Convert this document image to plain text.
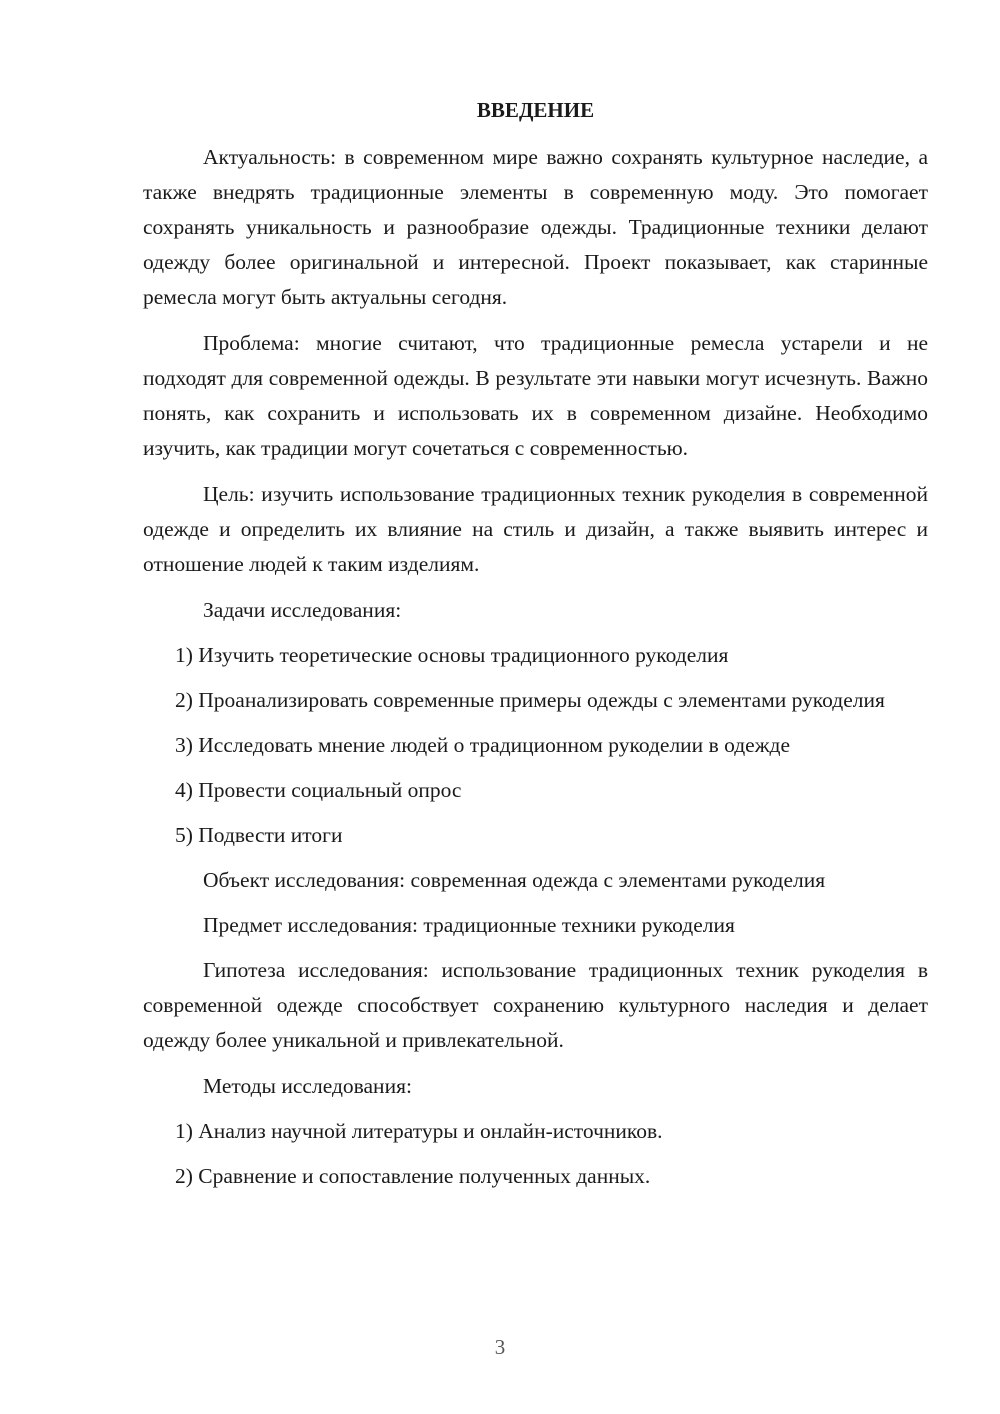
ВВЕДЕНИЕ

Актуальность: в современном мире важно сохранять культурное наследие, а также внедрять традиционные элементы в современную моду. Это помогает сохранять уникальность и разнообразие одежды. Традиционные техники делают одежду более оригинальной и интересной. Проект показывает, как старинные ремесла могут быть актуальны сегодня.

Проблема: многие считают, что традиционные ремесла устарели и не подходят для современной одежды. В результате эти навыки могут исчезнуть. Важно понять, как сохранить и использовать их в современном дизайне. Необходимо изучить, как традиции могут сочетаться с современностью.

Цель: изучить использование традиционных техник рукоделия в современной одежде и определить их влияние на стиль и дизайн, а также выявить интерес и отношение людей к таким изделиям.

Задачи исследования:

1) Изучить теоретические основы традиционного рукоделия

2) Проанализировать современные примеры одежды с элементами рукоделия

3) Исследовать мнение людей о традиционном рукоделии в одежде

4) Провести социальный опрос

5) Подвести итоги

Объект исследования: современная одежда с элементами рукоделия

Предмет исследования: традиционные техники рукоделия

Гипотеза исследования: использование традиционных техник рукоделия в современной одежде способствует сохранению культурного наследия и делает одежду более уникальной и привлекательной.

Методы исследования:

1) Анализ научной литературы и онлайн-источников.

2) Сравнение и сопоставление полученных данных.

3
